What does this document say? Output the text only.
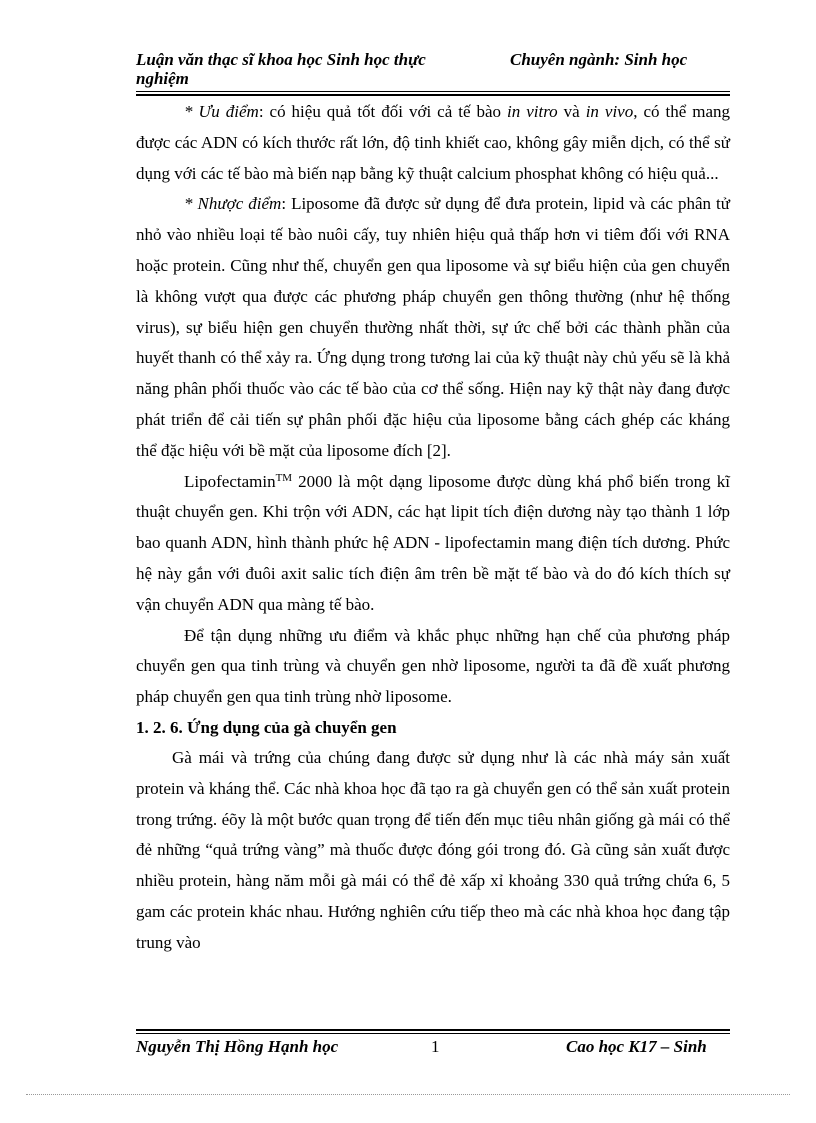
Luận văn thạc sĩ khoa học Sinh học thực nghiệm
Chuyên ngành: Sinh học

* Ưu điểm: có hiệu quả tốt đối với cả tế bào in vitro và in vivo, có thể mang được các ADN có kích thước rất lớn, độ tinh khiết cao, không gây miễn dịch, có thể sử dụng với các tế bào mà biến nạp bằng kỹ thuật calcium phosphat không có hiệu quả...

* Nhược điểm: Liposome đã được sử dụng để đưa protein, lipid và các phân tử nhỏ vào nhiều loại tế bào nuôi cấy, tuy nhiên hiệu quả thấp hơn vi tiêm đối với RNA hoặc protein. Cũng như thế, chuyển gen qua liposome và sự biểu hiện của gen chuyển là không vượt qua được các phương pháp chuyển gen thông thường (như hệ thống virus), sự biểu hiện gen chuyển thường nhất thời, sự ức chế bởi các thành phần của huyết thanh có thể xảy ra. Ứng dụng trong tương lai của kỹ thuật này chủ yếu sẽ là khả năng phân phối thuốc vào các tế bào của cơ thể sống. Hiện nay kỹ thật này đang được phát triển để cải tiến sự phân phối đặc hiệu của liposome bằng cách ghép các kháng thể đặc hiệu với bề mặt của liposome đích [2].

Lipofectamin™ 2000 là một dạng liposome được dùng khá phổ biến trong kĩ thuật chuyển gen. Khi trộn với ADN, các hạt lipit tích điện dương này tạo thành 1 lớp bao quanh ADN, hình thành phức hệ ADN - lipofectamin mang điện tích dương. Phức hệ này gắn với đuôi axit salic tích điện âm trên bề mặt tế bào và do đó kích thích sự vận chuyển ADN qua màng tế bào.

Để tận dụng những ưu điểm và khắc phục những hạn chế của phương pháp chuyển gen qua tinh trùng và chuyển gen nhờ liposome, người ta đã đề xuất phương pháp chuyển gen qua tinh trùng nhờ liposome.

1. 2. 6. Ứng dụng của gà chuyển gen

Gà mái và trứng của chúng đang được sử dụng như là các nhà máy sản xuất protein và kháng thể. Các nhà khoa học đã tạo ra gà chuyển gen có thể sản xuất protein trong trứng. éõy là một bước quan trọng để tiến đến mục tiêu nhân giống gà mái có thể đẻ những “quả trứng vàng” mà thuốc được đóng gói trong đó. Gà cũng sản xuất được nhiều protein, hàng năm mỗi gà mái có thể đẻ xấp xỉ khoảng 330 quả trứng chứa 6, 5 gam các protein khác nhau. Hướng nghiên cứu tiếp theo mà các nhà khoa học đang tập trung vào

Nguyễn Thị Hồng Hạnh học	1	Cao học K17 – Sinh
